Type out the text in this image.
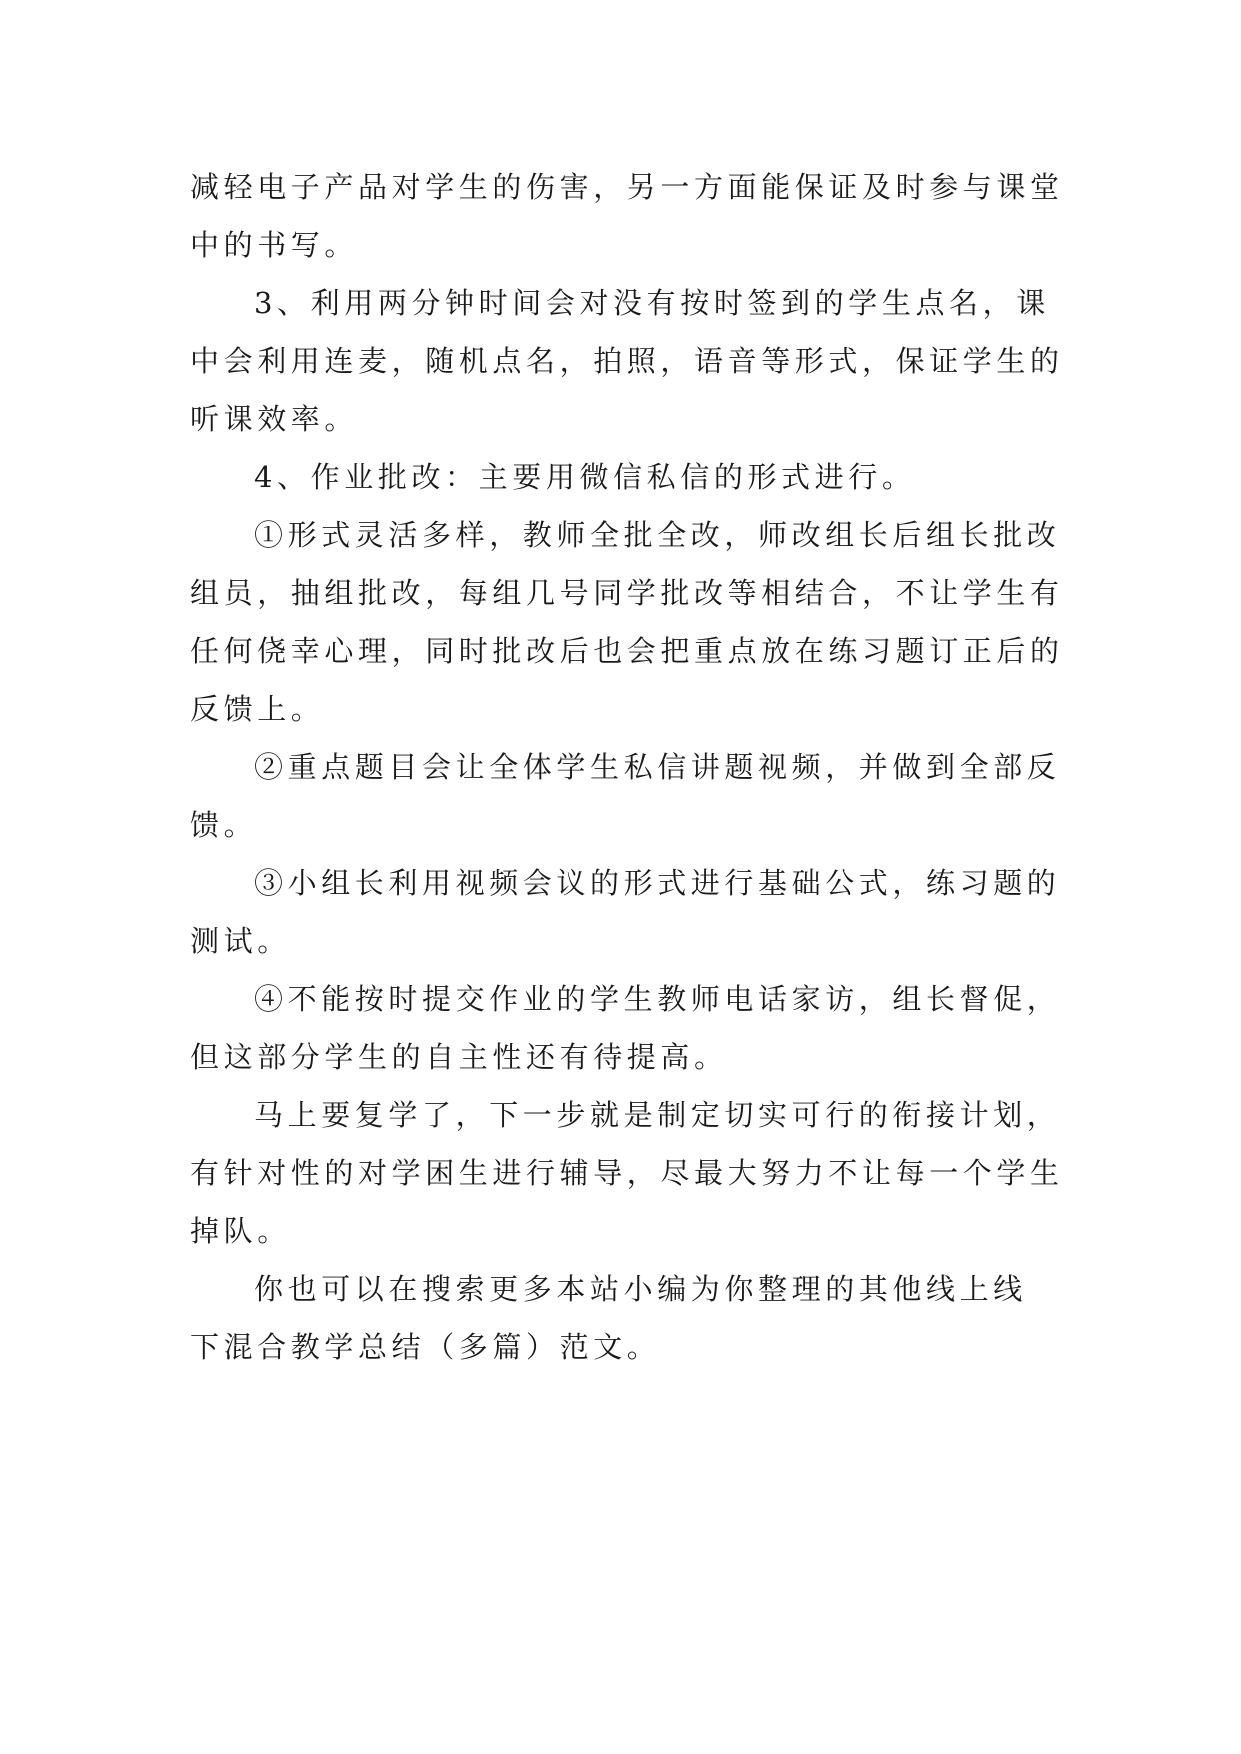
减轻电子产品对学生的伤害，另一方面能保证及时参与课堂
中的书写。
3、利用两分钟时间会对没有按时签到的学生点名，课
中会利用连麦，随机点名，拍照，语音等形式，保证学生的
听课效率。
4、作业批改：主要用微信私信的形式进行。
①形式灵活多样，教师全批全改，师改组长后组长批改
组员，抽组批改，每组几号同学批改等相结合，不让学生有
任何侥幸心理，同时批改后也会把重点放在练习题订正后的
反馈上。
②重点题目会让全体学生私信讲题视频，并做到全部反
馈。
③小组长利用视频会议的形式进行基础公式，练习题的
测试。
④不能按时提交作业的学生教师电话家访，组长督促，
但这部分学生的自主性还有待提高。
马上要复学了，下一步就是制定切实可行的衔接计划，
有针对性的对学困生进行辅导，尽最大努力不让每一个学生
掉队。
你也可以在搜索更多本站小编为你整理的其他线上线
下混合教学总结（多篇）范文。
